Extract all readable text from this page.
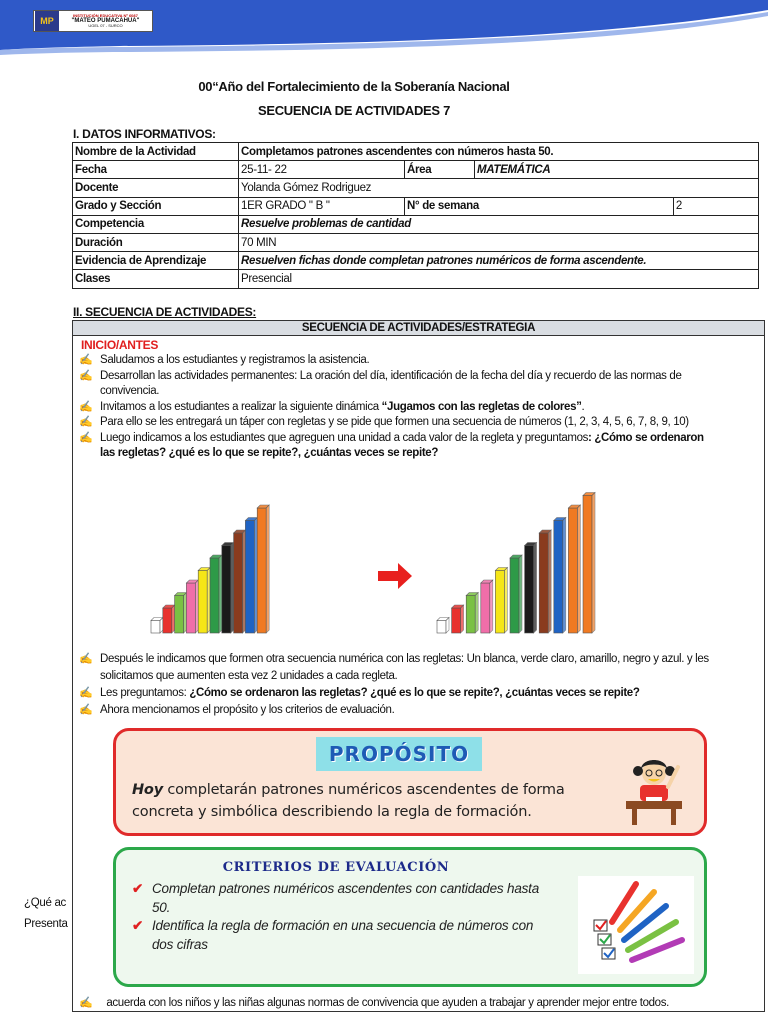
MP
INSTITUCIÓN EDUCATIVA Nº 6087
"MATEO PUMACAHUA"
UGEL 07 - SURCO
00“Año del Fortalecimiento de la Soberanía Nacional
SECUENCIA DE ACTIVIDADES 7
I. DATOS INFORMATIVOS:
Nombre de la Actividad	Completamos patrones ascendentes con números hasta 50.			
Fecha	25-11- 22	Área	MATEMÁTICA	
Docente	Yolanda Gómez Rodriguez			
Grado y Sección	1ER GRADO " B "	N° de semana		2
Competencia	Resuelve problemas de cantidad			
Duración	70 MIN			
Evidencia de Aprendizaje	Resuelven fichas donde completan patrones numéricos de forma ascendente.			
Clases	Presencial			
II. SECUENCIA DE ACTIVIDADES:
SECUENCIA DE ACTIVIDADES/ESTRATEGIA
INICIO/ANTES
✍ Saludamos a los estudiantes y registramos la asistencia.
✍ Desarrollan las actividades permanentes: La oración del día, identificación de la fecha del día y recuerdo de las normas de convivencia.
✍ Invitamos a los estudiantes a realizar la siguiente dinámica “Jugamos con las regletas de colores”.
✍ Para ello se les entregará un táper con regletas y se pide que formen una secuencia de números (1, 2, 3, 4, 5, 6, 7, 8, 9, 10)
✍ Luego indicamos a los estudiantes que agreguen una unidad a cada valor de la regleta y preguntamos: ¿Cómo se ordenaron las regletas? ¿qué es lo que se repite?, ¿cuántas veces se repite?
✍ Después le indicamos que formen otra secuencia numérica con las regletas: Un blanca, verde claro, amarillo, negro y azul. y les solicitamos que aumenten esta vez 2 unidades a cada regleta.
✍ Les preguntamos: ¿Cómo se ordenaron las regletas? ¿qué es lo que se repite?, ¿cuántas veces se repite?
✍ Ahora mencionamos el propósito y los criterios de evaluación.
PROPÓSITO
Hoy completarán patrones numéricos ascendentes de forma concreta y simbólica describiendo la regla de formación.
CRITERIOS DE EVALUACIÓN
✔ Completan patrones numéricos ascendentes con cantidades hasta 50.
✔ Identifica la regla de formación en una secuencia de números con dos cifras
✍ acuerda con los niños y las niñas algunas normas de convivencia que ayuden a trabajar y aprender mejor entre todos.
¿Qué ac
Presenta
